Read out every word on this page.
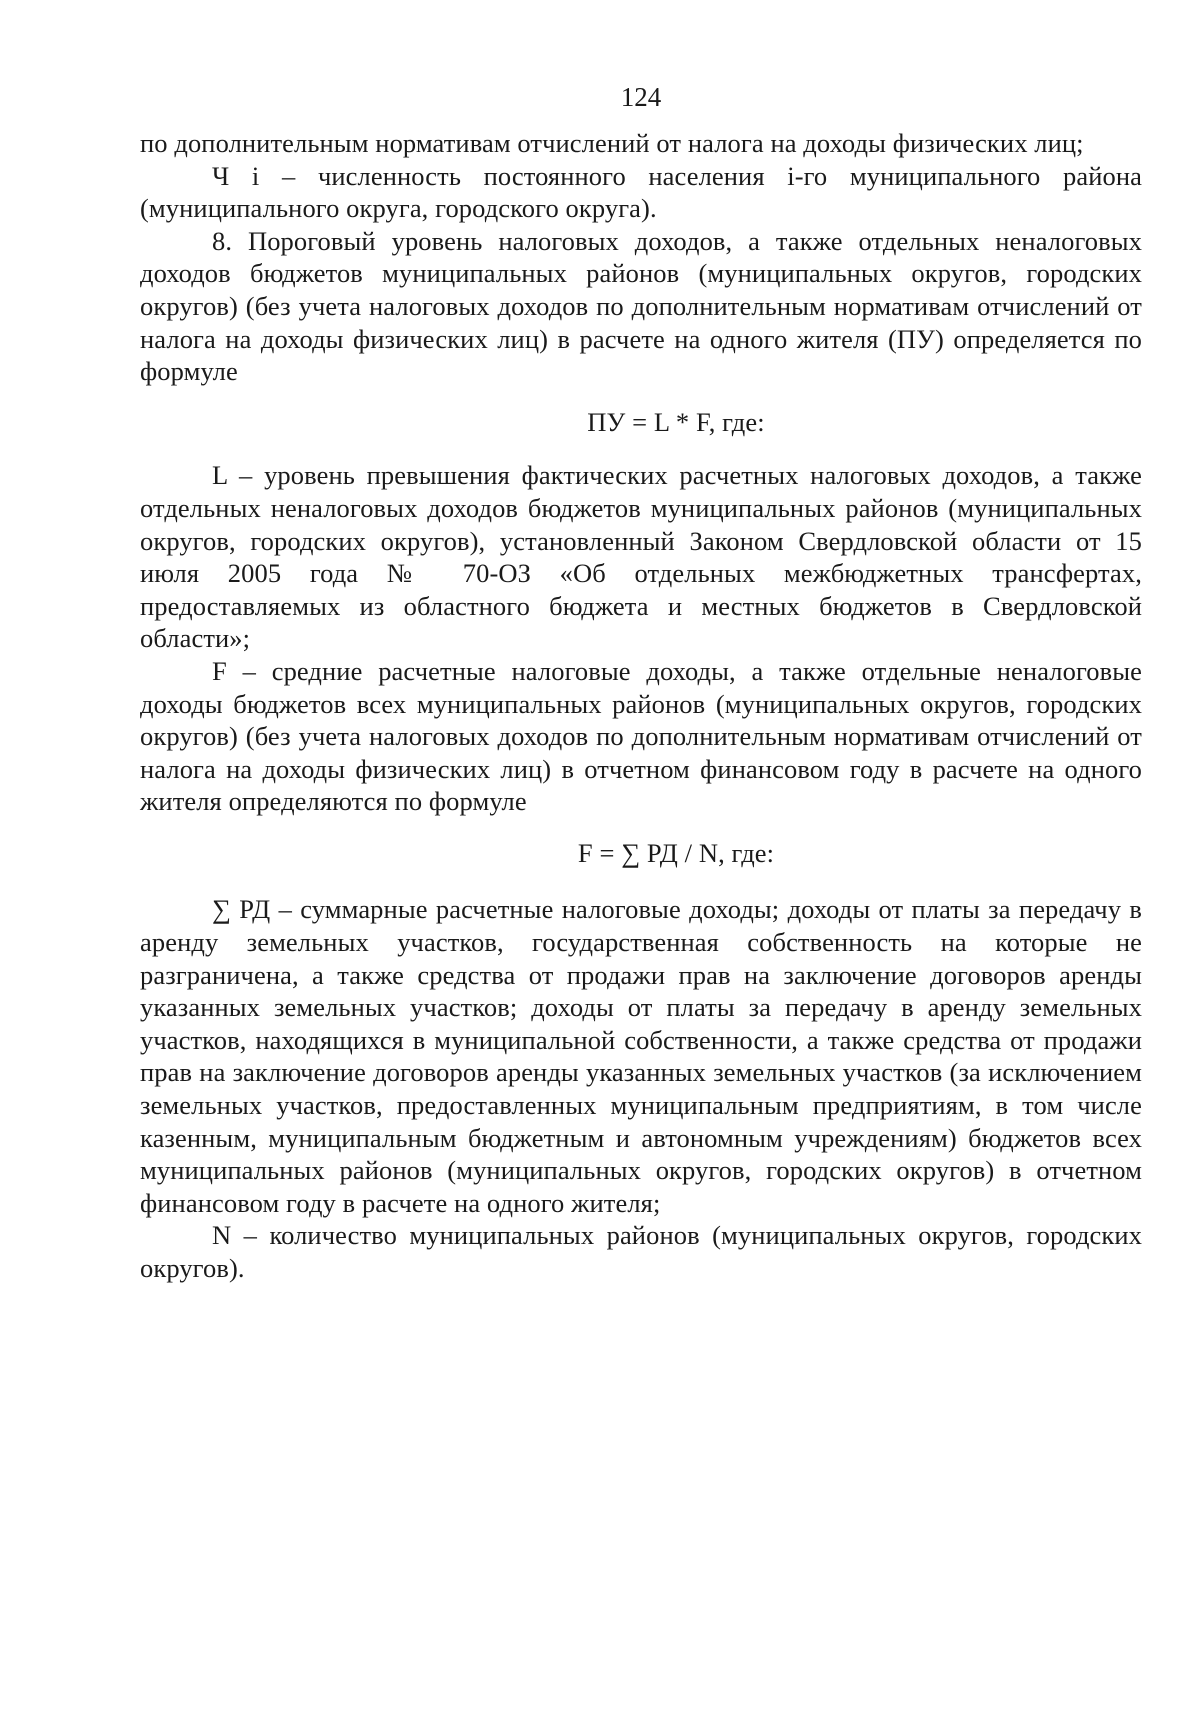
124

по дополнительным нормативам отчислений от налога на доходы физических лиц;

Ч i – численность постоянного населения i-го муниципального района (муниципального округа, городского округа).

8. Пороговый уровень налоговых доходов, а также отдельных неналоговых доходов бюджетов муниципальных районов (муниципальных округов, городских округов) (без учета налоговых доходов по дополнительным нормативам отчислений от налога на доходы физических лиц) в расчете на одного жителя (ПУ) определяется по формуле

ПУ = L * F, где:

L – уровень превышения фактических расчетных налоговых доходов, а также отдельных неналоговых доходов бюджетов муниципальных районов (муниципальных округов, городских округов), установленный Законом Свердловской области от 15 июля 2005 года № 70-ОЗ «Об отдельных межбюджетных трансфертах, предоставляемых из областного бюджета и местных бюджетов в Свердловской области»;

F – средние расчетные налоговые доходы, а также отдельные неналоговые доходы бюджетов всех муниципальных районов (муниципальных округов, городских округов) (без учета налоговых доходов по дополнительным нормативам отчислений от налога на доходы физических лиц) в отчетном финансовом году в расчете на одного жителя определяются по формуле

F = ∑ РД / N, где:

∑ РД – суммарные расчетные налоговые доходы; доходы от платы за передачу в аренду земельных участков, государственная собственность на которые не разграничена, а также средства от продажи прав на заключение договоров аренды указанных земельных участков; доходы от платы за передачу в аренду земельных участков, находящихся в муниципальной собственности, а также средства от продажи прав на заключение договоров аренды указанных земельных участков (за исключением земельных участков, предоставленных муниципальным предприятиям, в том числе казенным, муниципальным бюджетным и автономным учреждениям) бюджетов всех муниципальных районов (муниципальных округов, городских округов) в отчетном финансовом году в расчете на одного жителя;

N – количество муниципальных районов (муниципальных округов, городских округов).
